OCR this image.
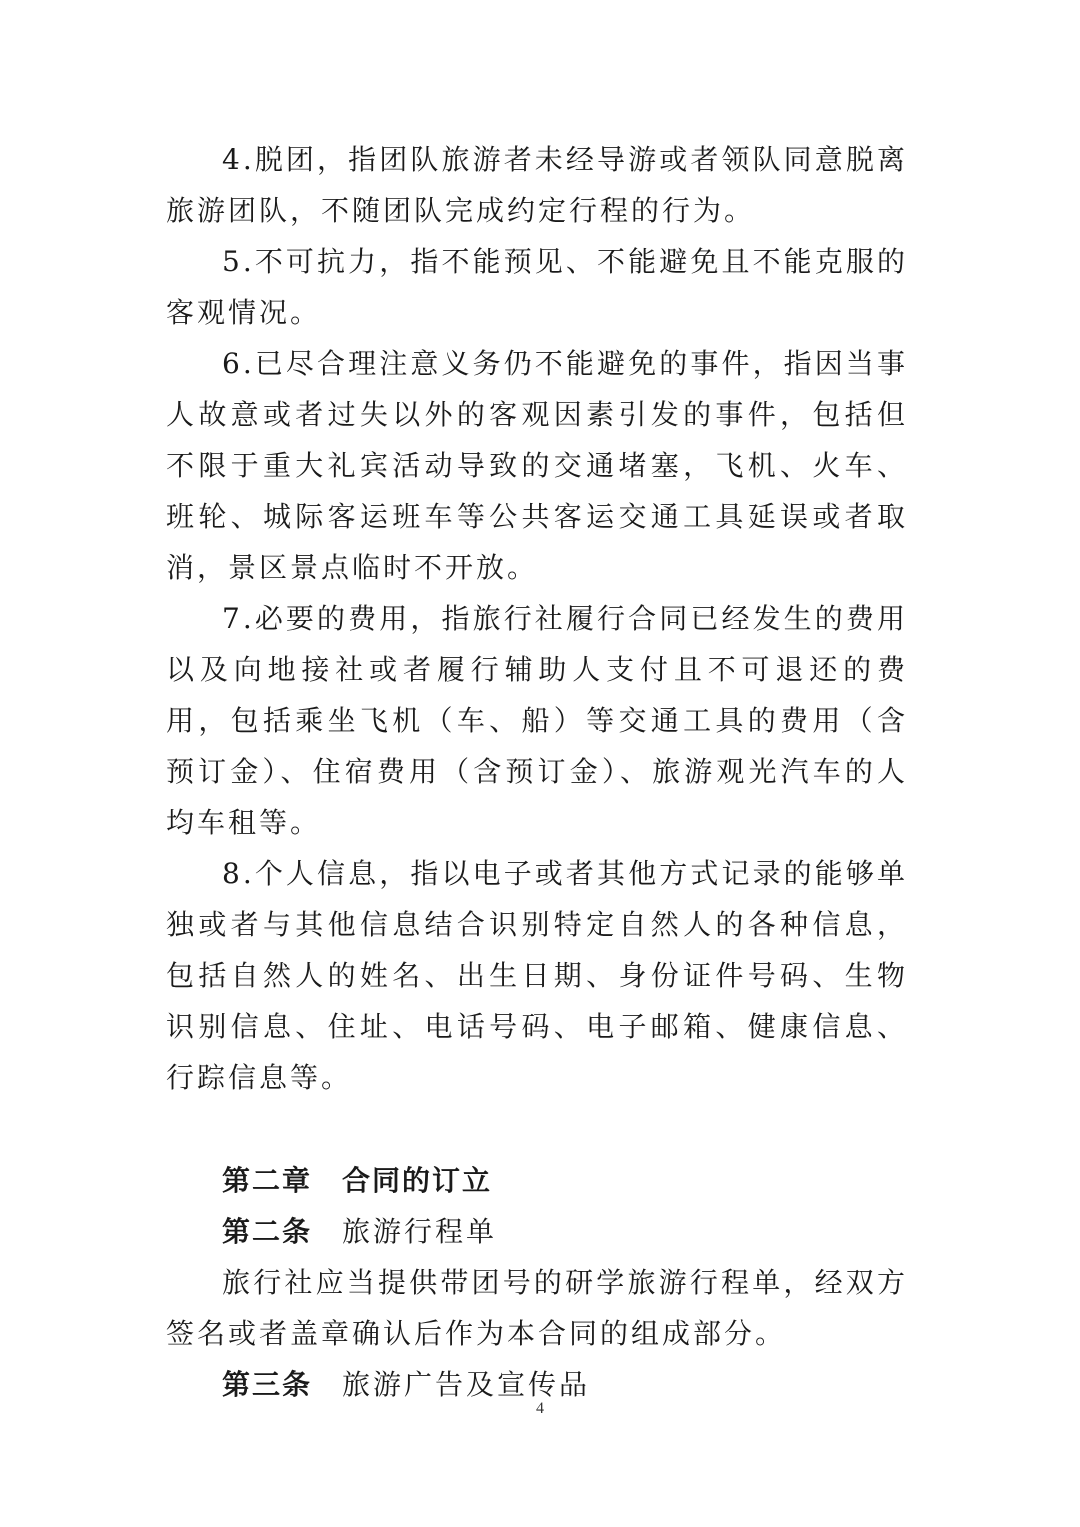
4.脱团，指团队旅游者未经导游或者领队同意脱离旅游团队，不随团队完成约定行程的行为。

5.不可抗力，指不能预见、不能避免且不能克服的客观情况。

6.已尽合理注意义务仍不能避免的事件，指因当事人故意或者过失以外的客观因素引发的事件，包括但不限于重大礼宾活动导致的交通堵塞，飞机、火车、班轮、城际客运班车等公共客运交通工具延误或者取消，景区景点临时不开放。

7.必要的费用，指旅行社履行合同已经发生的费用以及向地接社或者履行辅助人支付且不可退还的费用，包括乘坐飞机（车、船）等交通工具的费用（含预订金）、住宿费用（含预订金）、旅游观光汽车的人均车租等。

8.个人信息，指以电子或者其他方式记录的能够单独或者与其他信息结合识别特定自然人的各种信息，包括自然人的姓名、出生日期、身份证件号码、生物识别信息、住址、电话号码、电子邮箱、健康信息、行踪信息等。

第二章 合同的订立

第二条 旅游行程单

旅行社应当提供带团号的研学旅游行程单，经双方签名或者盖章确认后作为本合同的组成部分。

第三条 旅游广告及宣传品

4
